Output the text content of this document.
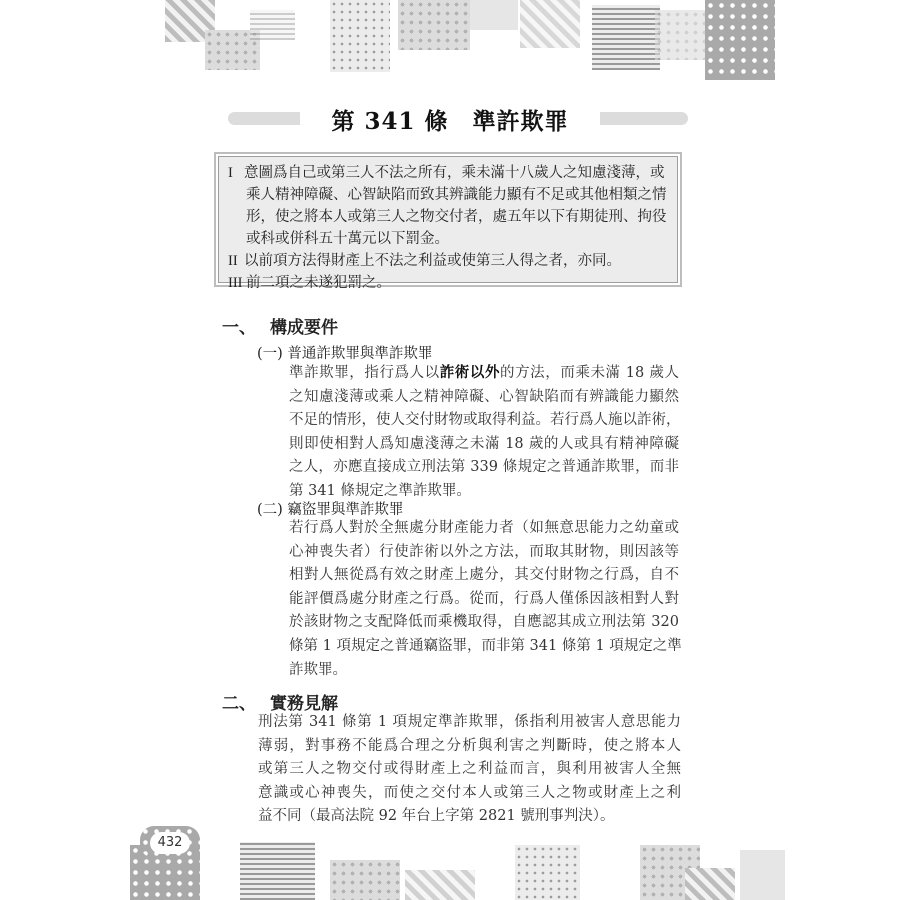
第 341 條　準許欺罪
I 意圖爲自己或第三人不法之所有，乘未滿十八歲人之知慮淺薄，或
乘人精神障礙、心智缺陷而致其辨識能力顯有不足或其他相類之情
形，使之將本人或第三人之物交付者，處五年以下有期徒刑、拘役
或科或併科五十萬元以下罰金。
II 以前項方法得財產上不法之利益或使第三人得之者，亦同。
III 前二項之未遂犯罰之。
一、 構成要件
(一) 普通詐欺罪與準詐欺罪
準詐欺罪，指行爲人以詐術以外的方法，而乘未滿 18 歲人
之知慮淺薄或乘人之精神障礙、心智缺陷而有辨識能力顯然
不足的情形，使人交付財物或取得利益。若行爲人施以詐術，
則即使相對人爲知慮淺薄之未滿 18 歲的人或具有精神障礙
之人，亦應直接成立刑法第 339 條規定之普通詐欺罪，而非
第 341 條規定之準詐欺罪。
(二) 竊盜罪與準詐欺罪
若行爲人對於全無處分財產能力者（如無意思能力之幼童或
心神喪失者）行使詐術以外之方法，而取其財物，則因該等
相對人無從爲有效之財產上處分，其交付財物之行爲，自不
能評價爲處分財產之行爲。從而，行爲人僅係因該相對人對
於該財物之支配降低而乘機取得，自應認其成立刑法第 320
條第 1 項規定之普通竊盜罪，而非第 341 條第 1 項規定之準
詐欺罪。
二、 實務見解
刑法第 341 條第 1 項規定準詐欺罪，係指利用被害人意思能力
薄弱，對事務不能爲合理之分析與利害之判斷時，使之將本人
或第三人之物交付或得財產上之利益而言，與利用被害人全無
意識或心神喪失，而使之交付本人或第三人之物或財產上之利
益不同（最高法院 92 年台上字第 2821 號刑事判決）。
432
